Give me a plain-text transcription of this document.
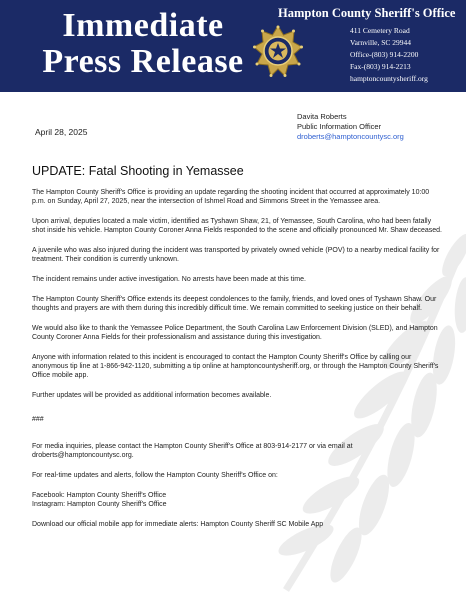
Immediate
Press Release
Hampton County Sheriff's Office
411 Cemetery Road
Varnville, SC 29944
Office-(803) 914-2200
Fax-(803) 914-2213
hamptoncountysheriff.org
April 28, 2025
Davita Roberts
Public Information Officer
droberts@hamptoncountysc.org
UPDATE: Fatal Shooting in Yemassee

The Hampton County Sheriff's Office is providing an update regarding the shooting incident that occurred at approximately 10:00 p.m. on Sunday, April 27, 2025, near the intersection of Ishmel Road and Simmons Street in the Yemassee area.

Upon arrival, deputies located a male victim, identified as Tyshawn Shaw, 21, of Yemassee, South Carolina, who had been fatally shot inside his vehicle. Hampton County Coroner Anna Fields responded to the scene and officially pronounced Mr. Shaw deceased.

A juvenile who was also injured during the incident was transported by privately owned vehicle (POV) to a nearby medical facility for treatment. Their condition is currently unknown.

The incident remains under active investigation. No arrests have been made at this time.

The Hampton County Sheriff's Office extends its deepest condolences to the family, friends, and loved ones of Tyshawn Shaw. Our thoughts and prayers are with them during this incredibly difficult time. We remain committed to seeking justice on their behalf.

We would also like to thank the Yemassee Police Department, the South Carolina Law Enforcement Division (SLED), and Hampton County Coroner Anna Fields for their professionalism and assistance during this investigation.

Anyone with information related to this incident is encouraged to contact the Hampton County Sheriff's Office by calling our anonymous tip line at 1-866-942-1120, submitting a tip online at hamptoncountysheriff.org, or through the Hampton County Sheriff's Office mobile app.

Further updates will be provided as additional information becomes available.

###

For media inquiries, please contact the Hampton County Sheriff's Office at 803-914-2177 or via email at droberts@hamptoncountysc.org.

For real-time updates and alerts, follow the Hampton County Sheriff's Office on:

Facebook: Hampton County Sheriff's Office

Instagram: Hampton County Sheriff's Office

Download our official mobile app for immediate alerts: Hampton County Sheriff SC Mobile App
